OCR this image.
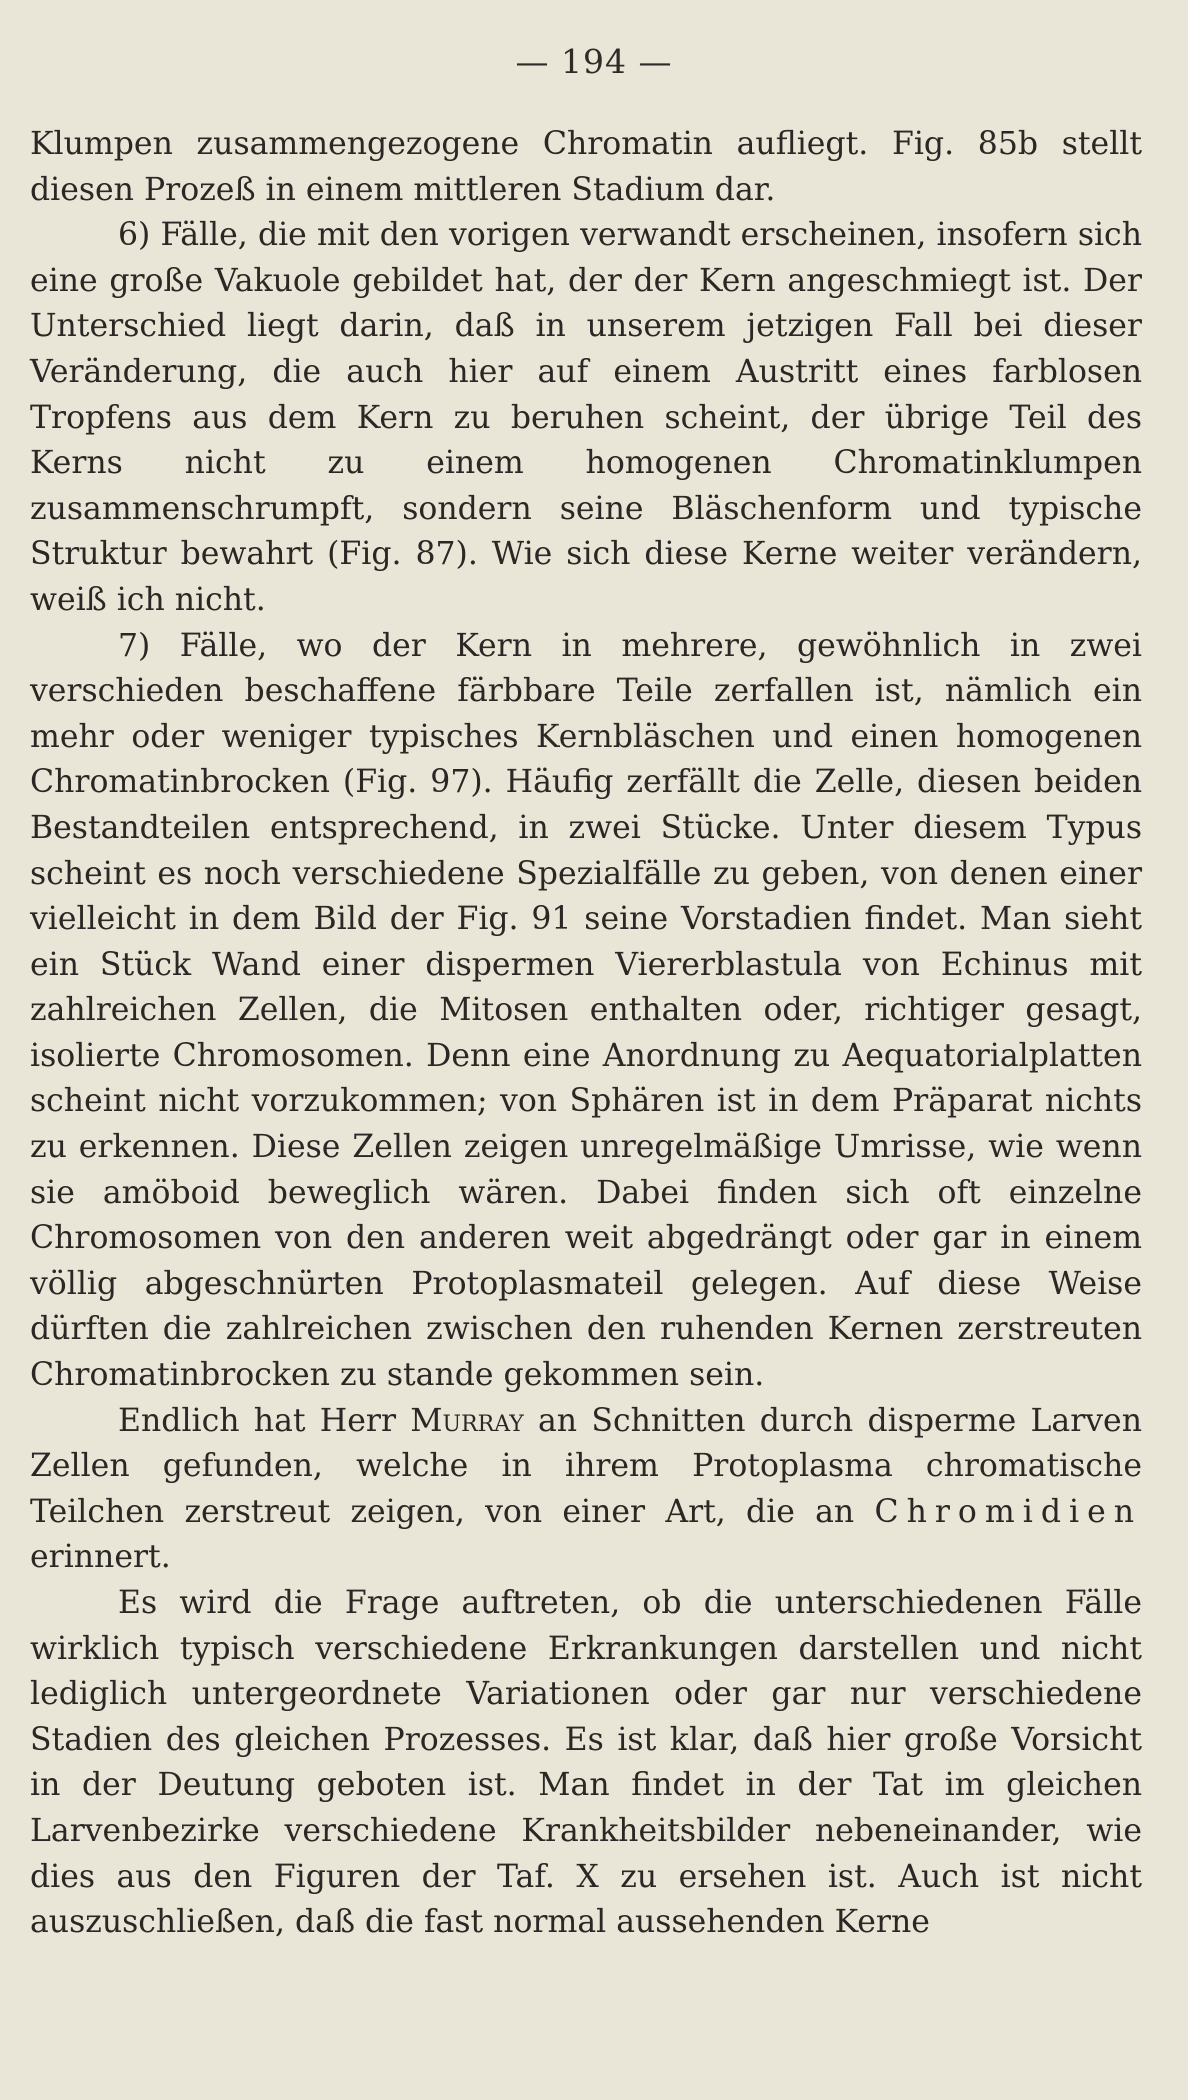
— 194 —

Klumpen zusammengezogene Chromatin aufliegt. Fig. 85b stellt diesen Prozeß in einem mittleren Stadium dar.

6) Fälle, die mit den vorigen verwandt erscheinen, insofern sich eine große Vakuole gebildet hat, der der Kern angeschmiegt ist. Der Unterschied liegt darin, daß in unserem jetzigen Fall bei dieser Veränderung, die auch hier auf einem Austritt eines farblosen Tropfens aus dem Kern zu beruhen scheint, der übrige Teil des Kerns nicht zu einem homogenen Chromatinklumpen zusammenschrumpft, sondern seine Bläschenform und typische Struktur bewahrt (Fig. 87). Wie sich diese Kerne weiter verändern, weiß ich nicht.

7) Fälle, wo der Kern in mehrere, gewöhnlich in zwei verschieden beschaffene färbbare Teile zerfallen ist, nämlich ein mehr oder weniger typisches Kernbläschen und einen homogenen Chromatinbrocken (Fig. 97). Häufig zerfällt die Zelle, diesen beiden Bestandteilen entsprechend, in zwei Stücke. Unter diesem Typus scheint es noch verschiedene Spezialfälle zu geben, von denen einer vielleicht in dem Bild der Fig. 91 seine Vorstadien findet. Man sieht ein Stück Wand einer dispermen Viererblastula von Echinus mit zahlreichen Zellen, die Mitosen enthalten oder, richtiger gesagt, isolierte Chromosomen. Denn eine Anordnung zu Aequatorialplatten scheint nicht vorzukommen; von Sphären ist in dem Präparat nichts zu erkennen. Diese Zellen zeigen unregelmäßige Umrisse, wie wenn sie amöboid beweglich wären. Dabei finden sich oft einzelne Chromosomen von den anderen weit abgedrängt oder gar in einem völlig abgeschnürten Protoplasmateil gelegen. Auf diese Weise dürften die zahlreichen zwischen den ruhenden Kernen zerstreuten Chromatinbrocken zu stande gekommen sein.

Endlich hat Herr Murray an Schnitten durch disperme Larven Zellen gefunden, welche in ihrem Protoplasma chromatische Teilchen zerstreut zeigen, von einer Art, die an Chromidien erinnert.

Es wird die Frage auftreten, ob die unterschiedenen Fälle wirklich typisch verschiedene Erkrankungen darstellen und nicht lediglich untergeordnete Variationen oder gar nur verschiedene Stadien des gleichen Prozesses. Es ist klar, daß hier große Vorsicht in der Deutung geboten ist. Man findet in der Tat im gleichen Larvenbezirke verschiedene Krankheitsbilder nebeneinander, wie dies aus den Figuren der Taf. X zu ersehen ist. Auch ist nicht auszuschließen, daß die fast normal aussehenden Kerne
